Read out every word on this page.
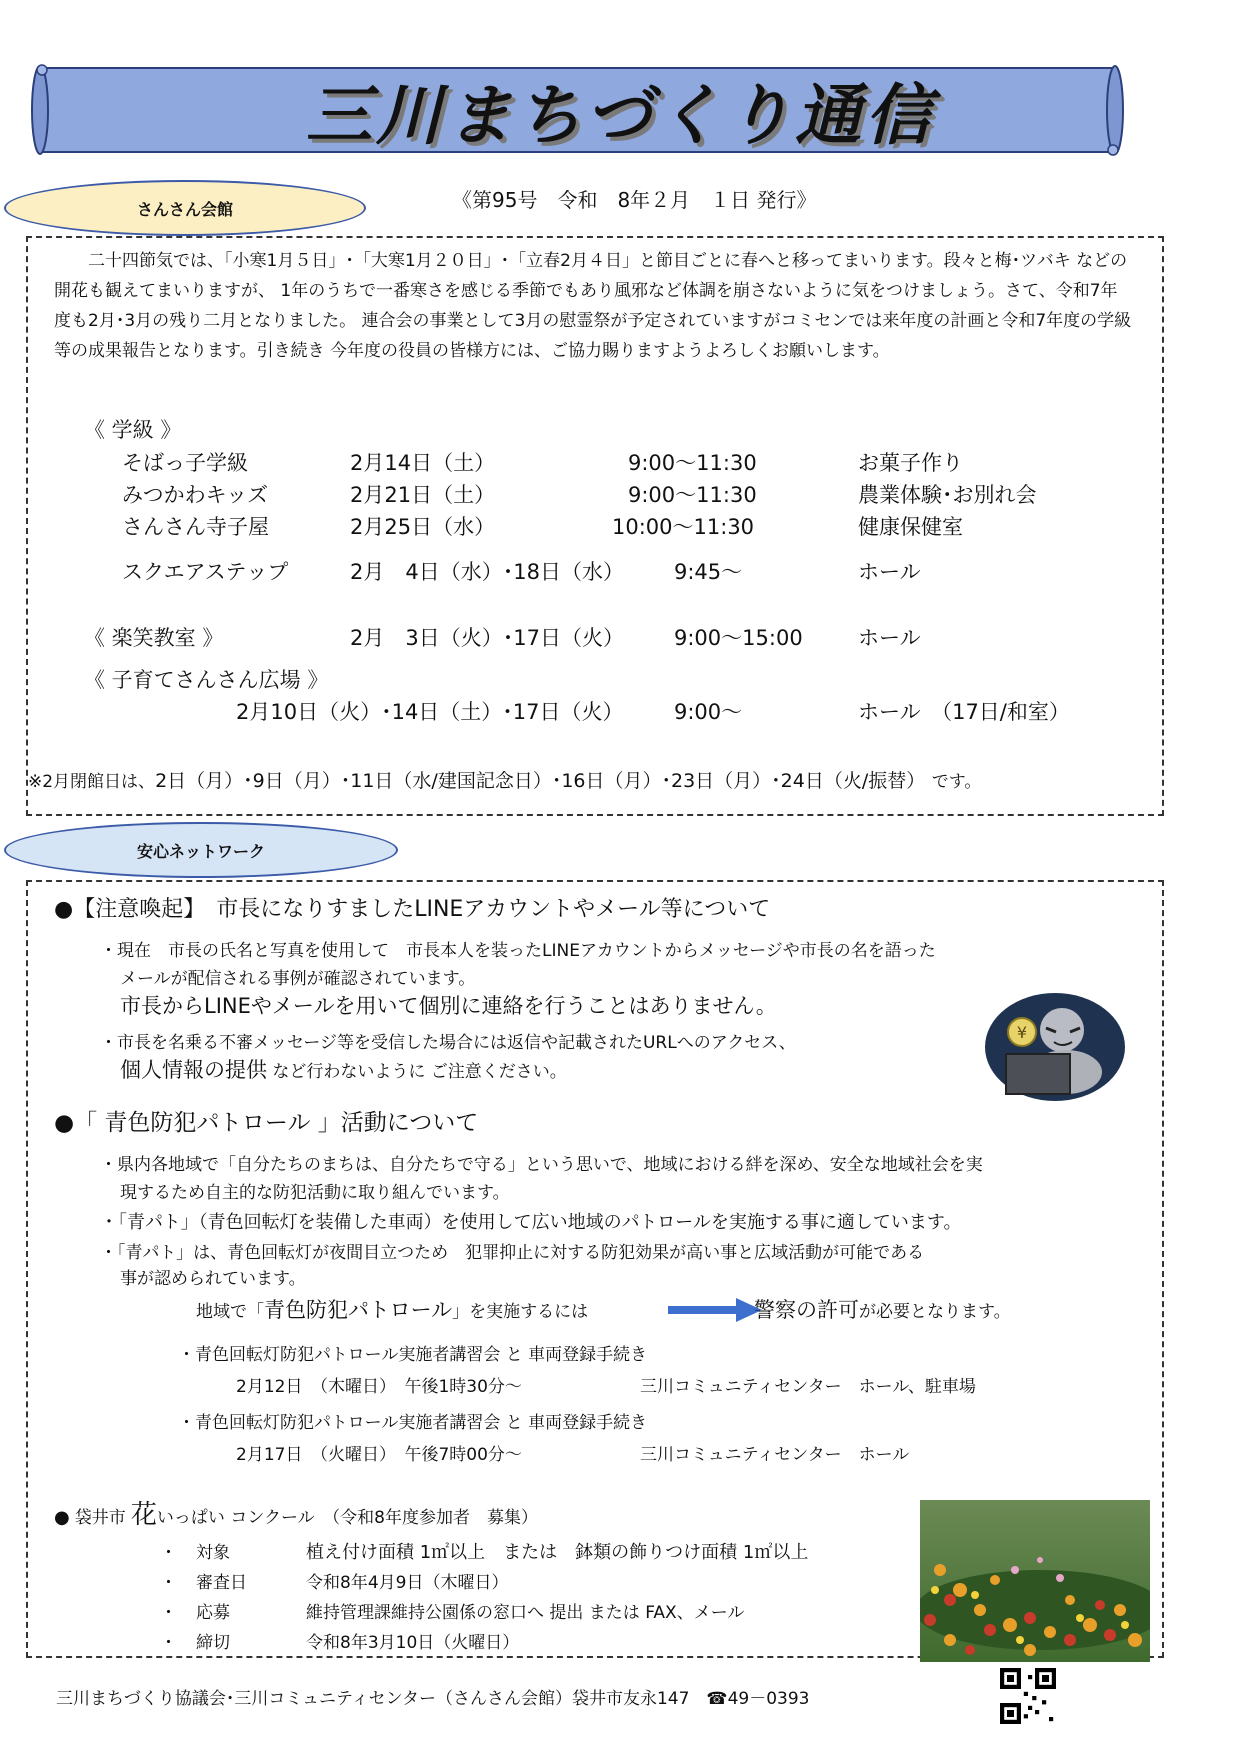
三川まちづくり通信
さんさん会館	《第95号　令和　8年２月　１日 発行》
　　二十四節気では、「小寒1月５日」･「大寒1月２０日」･「立春2月４日」と節目ごとに春へと移ってまいります。段々と梅･ツバキ などの開花も観えてまいりますが、 1年のうちで一番寒さを感じる季節でもあり風邪など体調を崩さないように気をつけましょう。さて、令和7年度も2月･3月の残り二月となりました。 連合会の事業として3月の慰霊祭が予定されていますがコミセンでは来年度の計画と令和7年度の学級等の成果報告となります。引き続き 今年度の役員の皆様方には、ご協力賜りますようよろしくお願いします。
《 学級 》
そばっ子学級	2月14日（土）	9:00～11:30	お菓子作り
みつかわキッズ	2月21日（土）	9:00～11:30	農業体験･お別れ会
さんさん寺子屋	2月25日（水）	10:00～11:30	健康保健室
スクエアステップ	2月　4日（水）･18日（水） 9:45～	ホール
《 楽笑教室 》	2月　3日（火）･17日（火） 9:00～15:00	ホール
《 子育てさんさん広場 》
2月10日（火）･14日（土）･17日（火） 9:00～	ホール　（17日/和室）
※2月閉館日は、2日（月）･9日（月）･11日（水/建国記念日）･16日（月）･23日（月）･24日（火/振替）　 です。
安心ネットワーク
●【注意喚起】　市長になりすましたLINEアカウントやメール等について
・現在　市長の氏名と写真を使用して　市長本人を装ったLINEアカウントからメッセージや市長の名を語った
メールが配信される事例が確認されています。
市長からLINEやメールを用いて個別に連絡を行うことはありません。
・市長を名乗る不審メッセージ等を受信した場合には返信や記載されたURLへのアクセス、
個人情報の提供 など行わないように ご注意ください。
¥
●「 青色防犯パトロール 」活動について
・県内各地域で「自分たちのまちは、自分たちで守る」という思いで、地域における絆を深め、安全な地域社会を実
現するため自主的な防犯活動に取り組んでいます。
・「青パト」（青色回転灯を装備した車両）を使用して広い地域のパトロールを実施する事に適しています。
・「青パト」は、青色回転灯が夜間目立つため　犯罪抑止に対する防犯効果が高い事と広域活動が可能である
事が認められています。
地域で「青色防犯パトロール」を実施するには	警察の許可が必要となります。
・青色回転灯防犯パトロール実施者講習会 と 車両登録手続き
2月12日　（木曜日）　午後1時30分～	三川コミュニティセンター　ホール、駐車場
・青色回転灯防犯パトロール実施者講習会 と 車両登録手続き
2月17日　（火曜日）　午後7時00分～	三川コミュニティセンター　ホール
● 袋井市 花いっぱい コンクール　（令和8年度参加者　募集）
・ 対象	植え付け面積 1㎡以上　または　鉢類の飾りつけ面積 1㎡以上
・ 審査日	令和8年4月9日（木曜日）
・ 応募	維持管理課維持公園係の窓口へ 提出 または FAX、メール
・ 締切	令和8年3月10日（火曜日）
三川まちづくり協議会･三川コミュニティセンター（さんさん会館）袋井市友永147　☎49－0393
